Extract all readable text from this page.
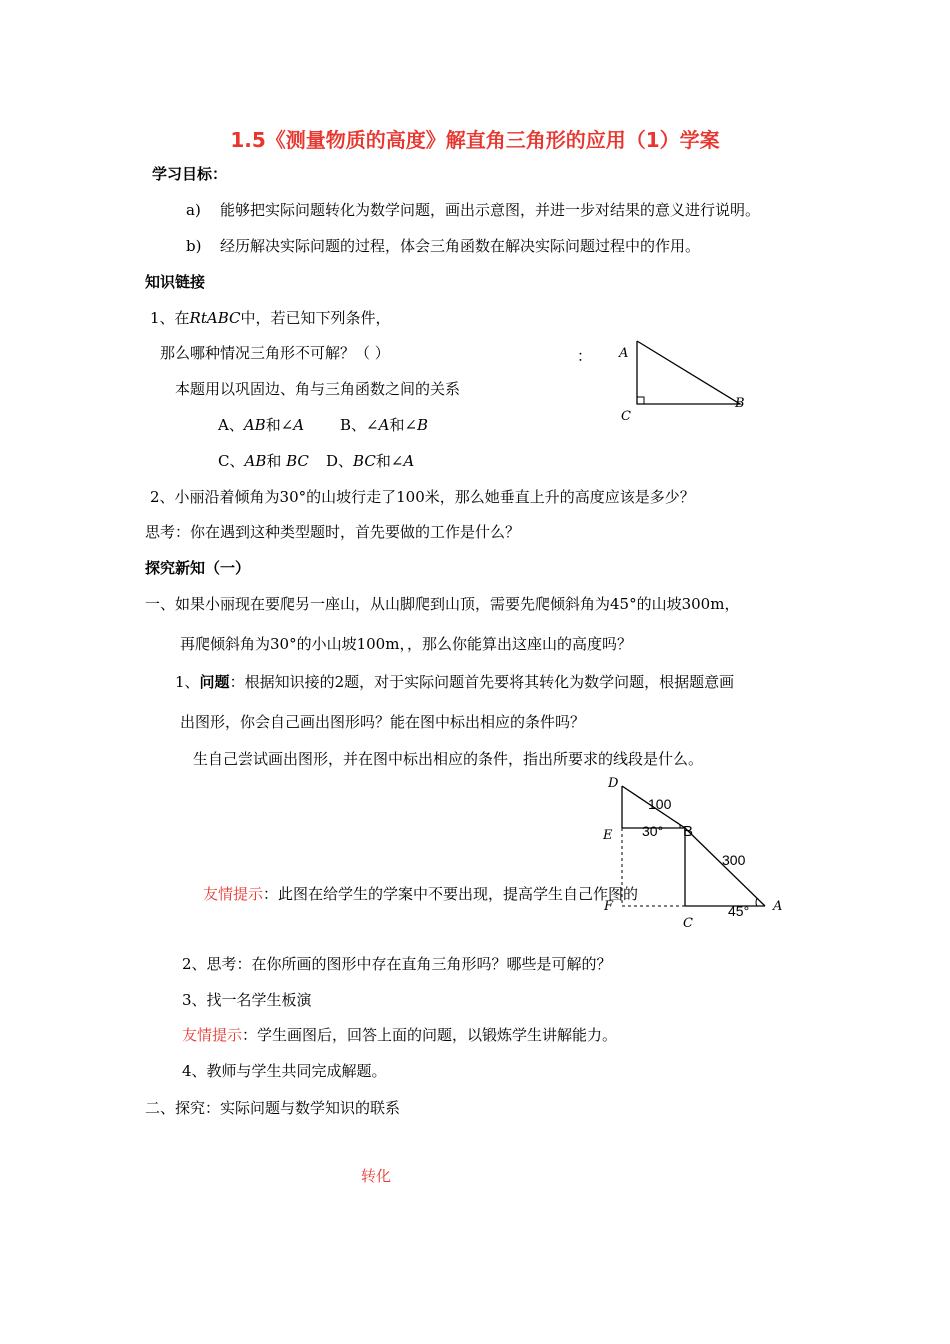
1.5《测量物质的高度》解直角三角形的应用（1）学案
学习目标：
a) 能够把实际问题转化为数学问题，画出示意图，并进一步对结果的意义进行说明。
b) 经历解决实际问题的过程，体会三角函数在解决实际问题过程中的作用。
知识链接
1、在RtABC中，若已知下列条件，
那么哪种情况三角形不可解？（ ）	：
本题用以巩固边、角与三角函数之间的关系
A、AB和∠A B、∠A和∠B
C、AB和 BC D、BC和∠A
A
B
C
2、小丽沿着倾角为30°的山坡行走了100米，那么她垂直上升的高度应该是多少？
思考：你在遇到这种类型题时，首先要做的工作是什么？
探究新知（一）
一、如果小丽现在要爬另一座山，从山脚爬到山顶，需要先爬倾斜角为45°的山坡300m，
再爬倾斜角为30°的小山坡100m，，那么你能算出这座山的高度吗？
1、问题：根据知识接的2题，对于实际问题首先要将其转化为数学问题，根据题意画
出图形，你会自己画出图形吗？能在图中标出相应的条件吗？
生自己尝试画出图形，并在图中标出相应的条件，指出所要求的线段是什么。
D
E
F
C
B
A
100
30°
300
45°
友情提示：此图在给学生的学案中不要出现，提高学生自己作图的
2、思考：在你所画的图形中存在直角三角形吗？哪些是可解的？
3、找一名学生板演
友情提示：学生画图后，回答上面的问题，以锻炼学生讲解能力。
4、教师与学生共同完成解题。
二、探究：实际问题与数学知识的联系
转化
